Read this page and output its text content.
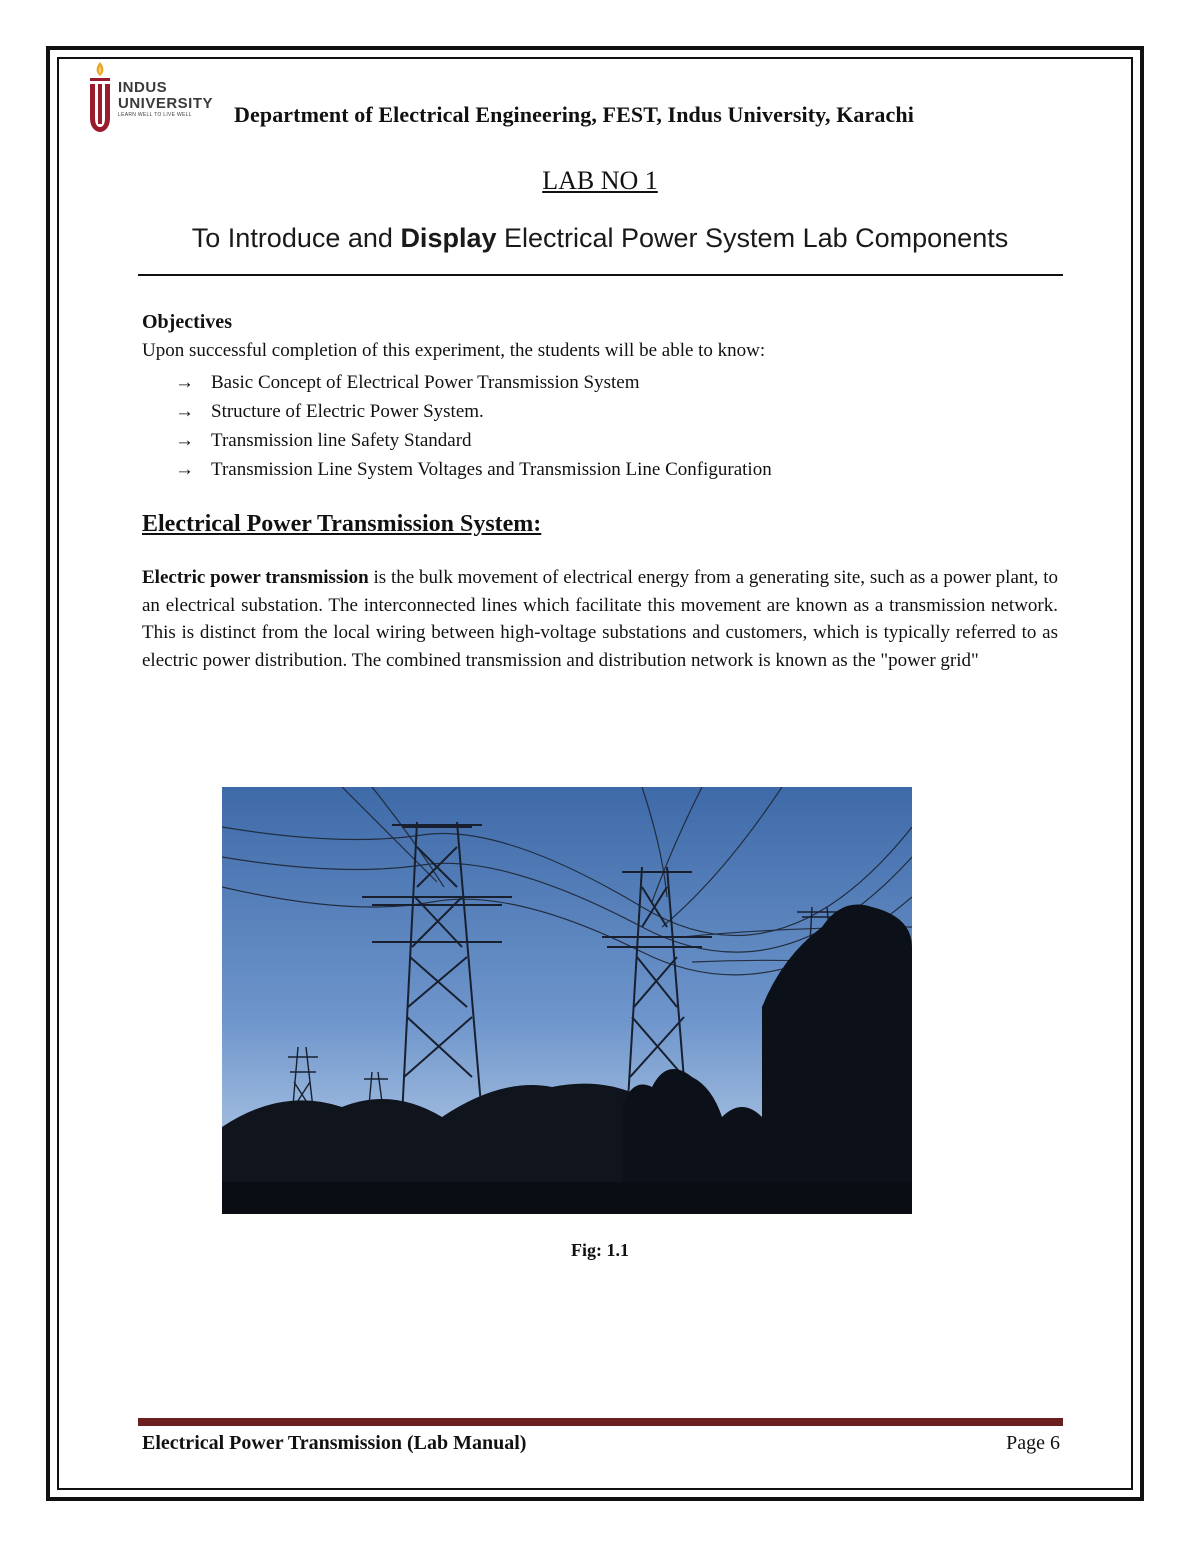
INDUS
UNIVERSITY
LEARN WELL TO LIVE WELL	Department of Electrical Engineering, FEST, Indus University, Karachi
LAB NO 1
To Introduce and Display Electrical Power System Lab Components
Objectives
Upon successful completion of this experiment, the students will be able to know:
→ Basic Concept of Electrical Power Transmission System
→ Structure of Electric Power System.
→ Transmission line Safety Standard
→ Transmission Line System Voltages and Transmission Line Configuration
Electrical Power Transmission System:

Electric power transmission is the bulk movement of electrical energy from a generating site, such as a power plant, to an electrical substation. The interconnected lines which facilitate this movement are known as a transmission network. This is distinct from the local wiring between high-voltage substations and customers, which is typically referred to as electric power distribution. The combined transmission and distribution network is known as the "power grid"

Fig: 1.1
Electrical Power Transmission (Lab Manual)	Page 6
